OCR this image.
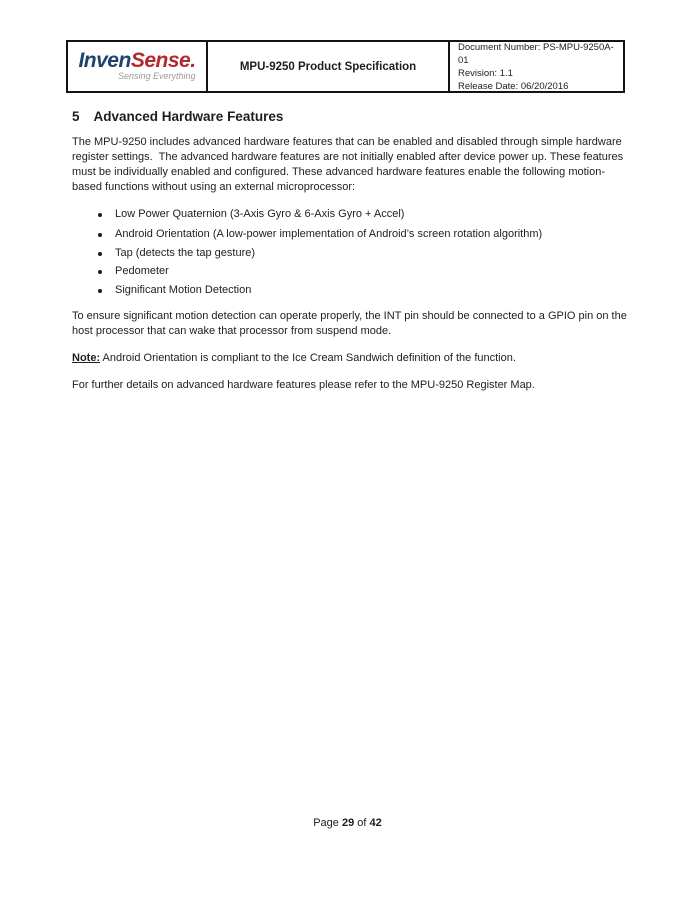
InvenSense.
Sensing Everything
MPU-9250 Product Specification
Document Number: PS-MPU-9250A-01
Revision: 1.1
Release Date: 06/20/2016
5 Advanced Hardware Features

The MPU-9250 includes advanced hardware features that can be enabled and disabled through simple hardware register settings.  The advanced hardware features are not initially enabled after device power up. These features must be individually enabled and configured. These advanced hardware features enable the following motion-based functions without using an external microprocessor:

Low Power Quaternion (3-Axis Gyro & 6-Axis Gyro + Accel)
Android Orientation (A low-power implementation of Android’s screen rotation algorithm)
Tap (detects the tap gesture)
Pedometer
Significant Motion Detection

To ensure significant motion detection can operate properly, the INT pin should be connected to a GPIO pin on the host processor that can wake that processor from suspend mode.

Note: Android Orientation is compliant to the Ice Cream Sandwich definition of the function.

For further details on advanced hardware features please refer to the MPU-9250 Register Map.

Page 29 of 42
